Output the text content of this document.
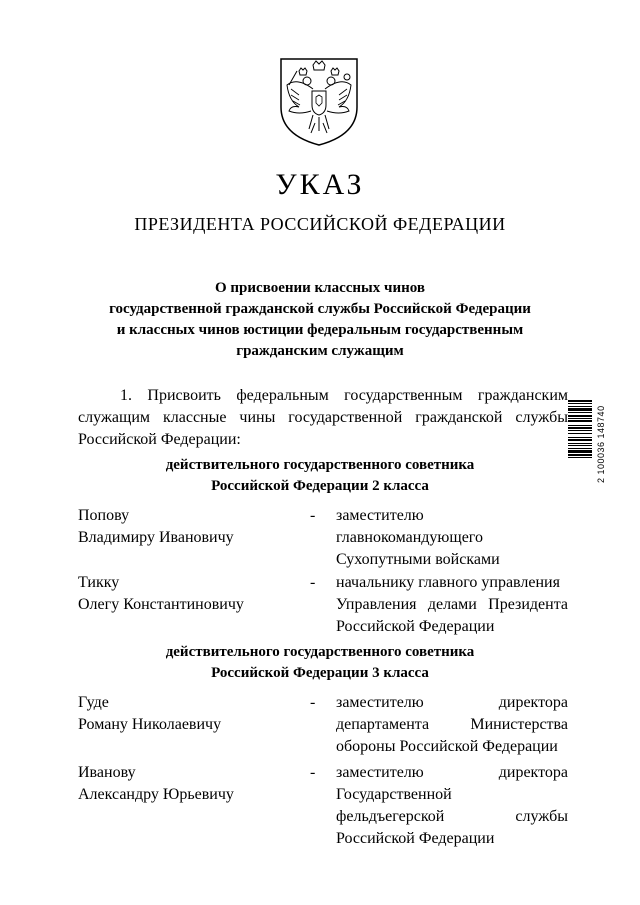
УКАЗ
ПРЕЗИДЕНТА РОССИЙСКОЙ ФЕДЕРАЦИИ
О присвоении классных чинов
государственной гражданской службы Российской Федерации
и классных чинов юстиции федеральным государственным
гражданским служащим
1. Присвоить федеральным государственным гражданским
служащим классные чины государственной гражданской службы
Российской Федерации:
действительного государственного советника
Российской Федерации 2 класса
Попову
Владимиру Ивановичу
- заместителю
главнокомандующего
Сухопутными войсками
Тикку
Олегу Константиновичу
- начальнику главного управления
Управления делами Президента
Российской Федерации
действительного государственного советника
Российской Федерации 3 класса
Гуде
Роману Николаевичу
- заместителю директора
департамента Министерства
обороны Российской Федерации
Иванову
Александру Юрьевичу
- заместителю директора
Государственной
фельдъегерской службы
Российской Федерации
2 100036 148740
